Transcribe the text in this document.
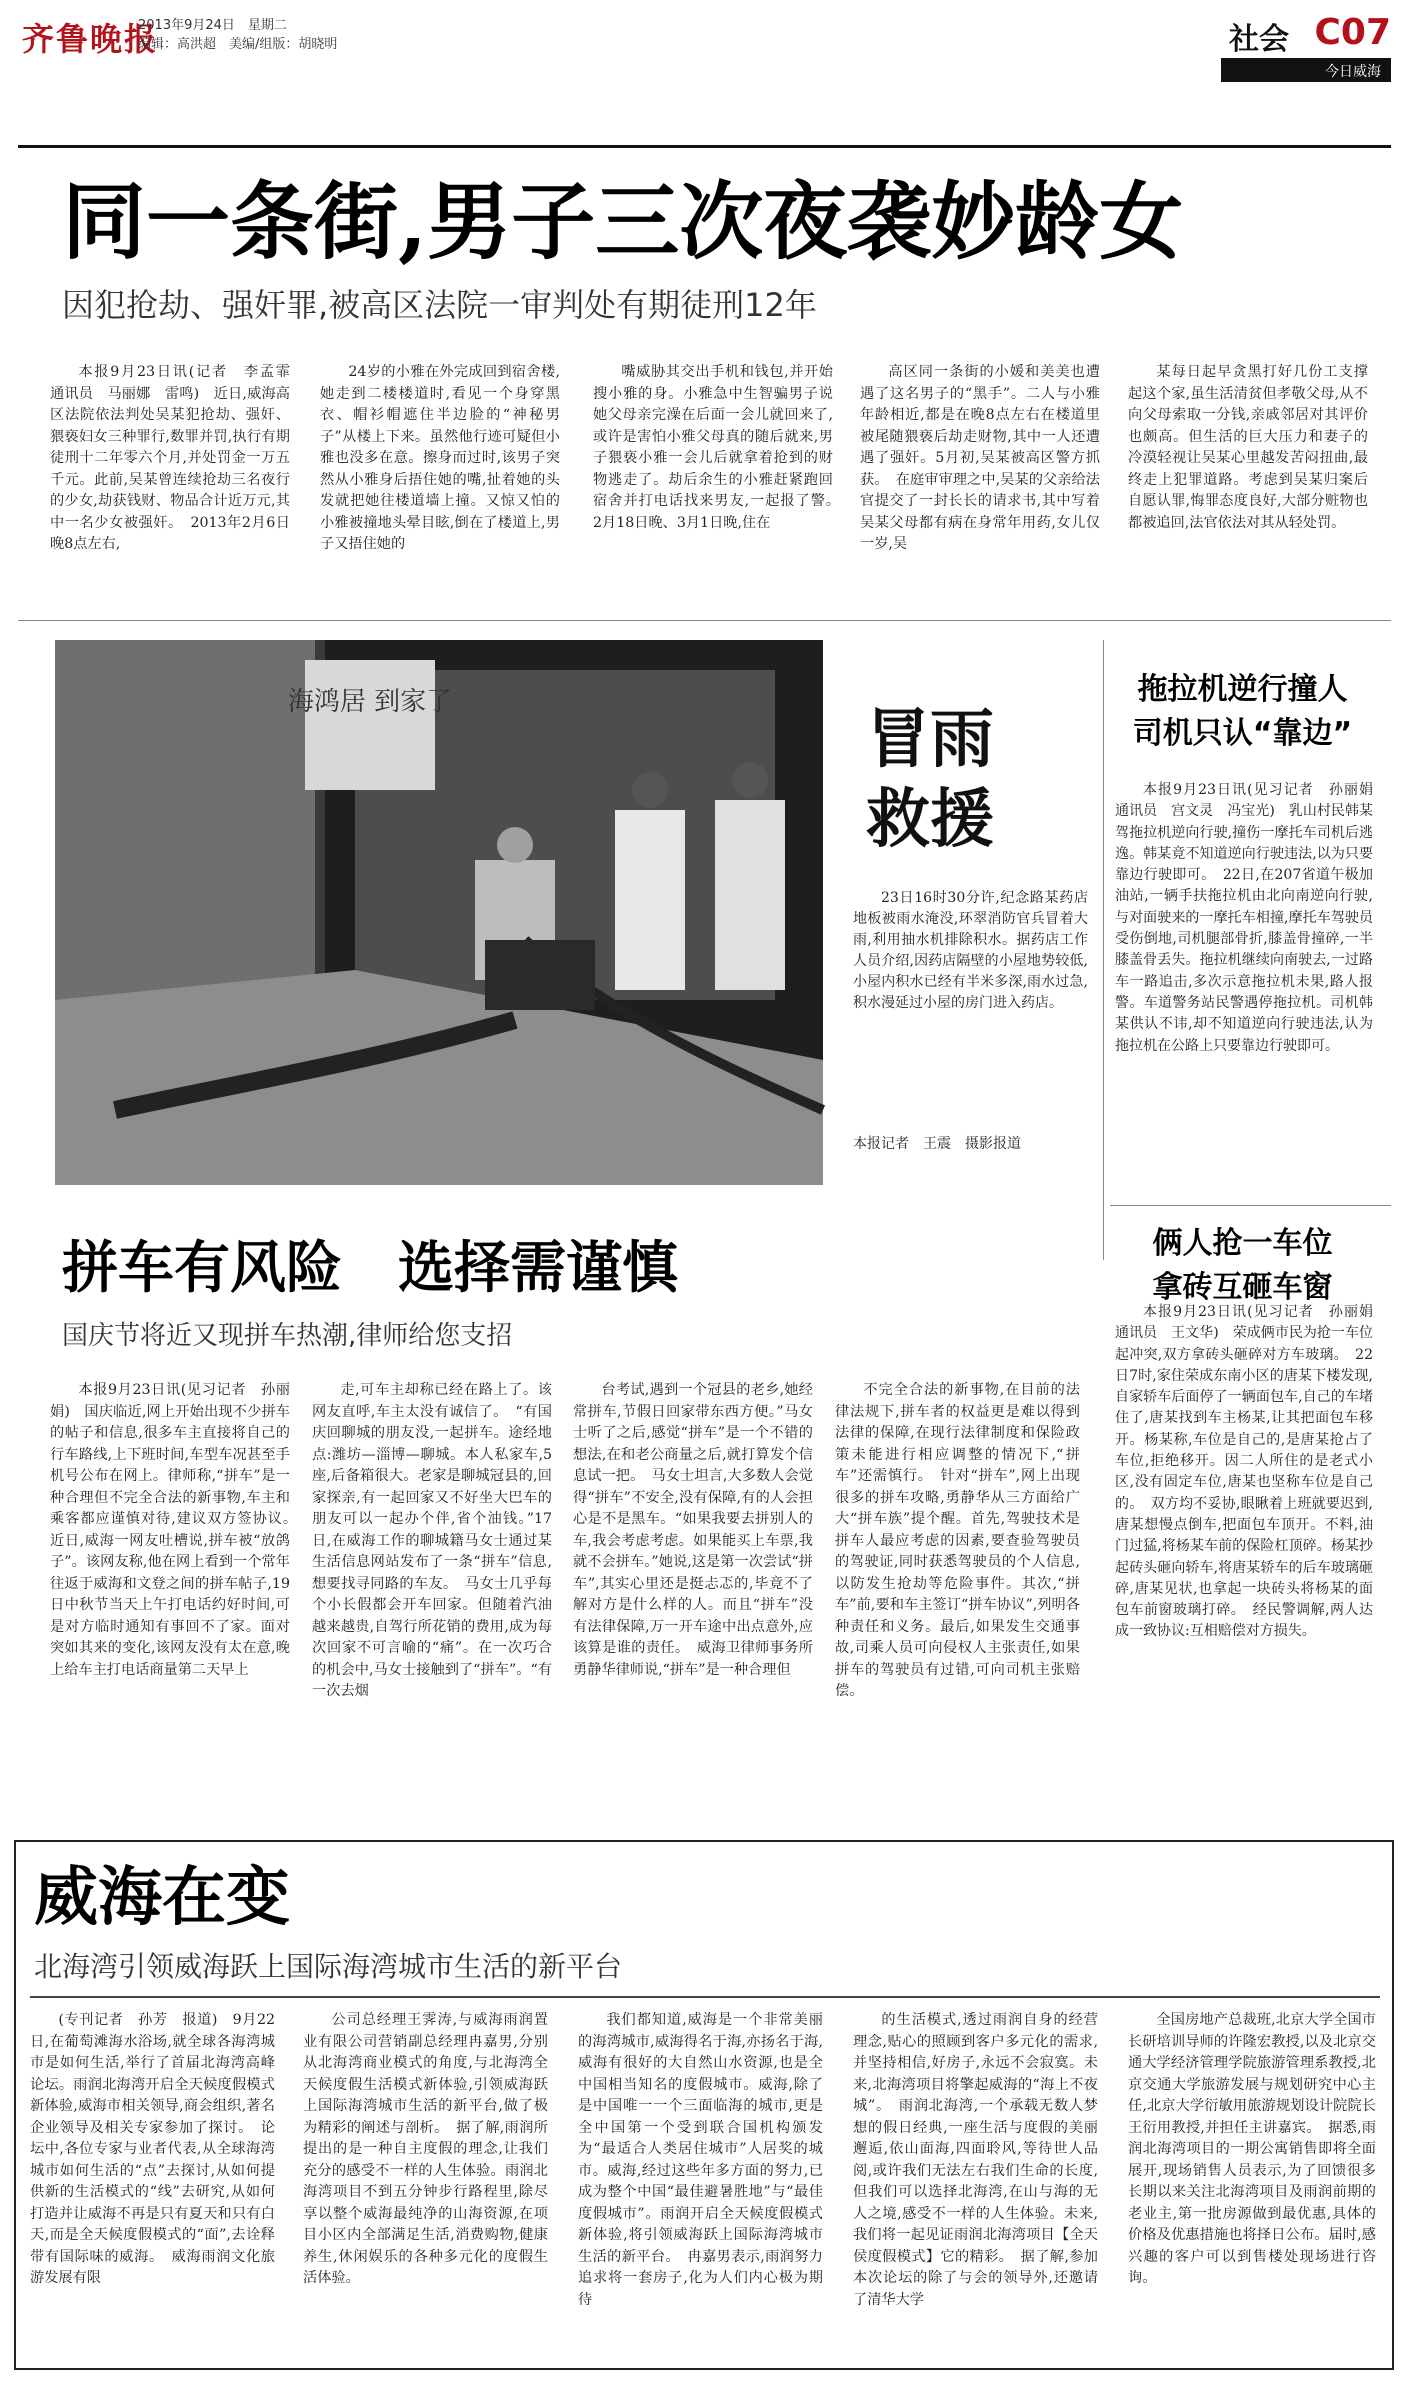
齐鲁晚报
2013年9月24日　星期二
编辑：高洪超　美编/组版：胡晓明	社会 C07
今日威海
同一条街,男子三次夜袭妙龄女
因犯抢劫、强奸罪,被高区法院一审判处有期徒刑12年

本报9月23日讯(记者　李孟霏　通讯员　马丽娜　雷鸣)　近日,威海高区法院依法判处吴某犯抢劫、强奸、猥亵妇女三种罪行,数罪并罚,执行有期徒刑十二年零六个月,并处罚金一万五千元。此前,吴某曾连续抢劫三名夜行的少女,劫获钱财、物品合计近万元,其中一名少女被强奸。　2013年2月6日晚8点左右,

24岁的小雅在外完成回到宿舍楼,她走到二楼楼道时,看见一个身穿黑衣、帽衫帽遮住半边脸的“神秘男子”从楼上下来。虽然他行迹可疑但小雅也没多在意。擦身而过时,该男子突然从小雅身后捂住她的嘴,扯着她的头发就把她往楼道墙上撞。又惊又怕的小雅被撞地头晕目眩,倒在了楼道上,男子又捂住她的

嘴威胁其交出手机和钱包,并开始搜小雅的身。小雅急中生智骗男子说她父母亲完澡在后面一会儿就回来了,或许是害怕小雅父母真的随后就来,男子猥亵小雅一会儿后就拿着抢到的财物逃走了。劫后余生的小雅赶紧跑回宿舍并打电话找来男友,一起报了警。　2月18日晚、3月1日晚,住在

高区同一条街的小媛和美美也遭遇了这名男子的“黑手”。二人与小雅年龄相近,都是在晚8点左右在楼道里被尾随猥亵后劫走财物,其中一人还遭遇了强奸。5月初,吴某被高区警方抓获。　在庭审审理之中,吴某的父亲给法官提交了一封长长的请求书,其中写着吴某父母都有病在身常年用药,女儿仅一岁,吴

某每日起早贪黑打好几份工支撑起这个家,虽生活清贫但孝敬父母,从不向父母索取一分钱,亲戚邻居对其评价也颇高。但生活的巨大压力和妻子的冷漠轻视让吴某心里越发苦闷扭曲,最终走上犯罪道路。考虑到吴某归案后自愿认罪,悔罪态度良好,大部分赃物也都被追回,法官依法对其从轻处罚。

海鸿居 到家了	冒雨救援

23日16时30分许,纪念路某药店地板被雨水淹没,环翠消防官兵冒着大雨,利用抽水机排除积水。据药店工作人员介绍,因药店隔壁的小屋地势较低,小屋内积水已经有半米多深,雨水过急,积水漫延过小屋的房门进入药店。

本报记者　王震　摄影报道
拖拉机逆行撞人
司机只认“靠边”

本报9月23日讯(见习记者　孙丽娟　通讯员　宫文灵　冯宝光)　乳山村民韩某驾拖拉机逆向行驶,撞伤一摩托车司机后逃逸。韩某竟不知道逆向行驶违法,以为只要靠边行驶即可。　22日,在207省道午极加油站,一辆手扶拖拉机由北向南逆向行驶,与对面驶来的一摩托车相撞,摩托车驾驶员受伤倒地,司机腿部骨折,膝盖骨撞碎,一半膝盖骨丢失。拖拉机继续向南驶去,一过路车一路追击,多次示意拖拉机未果,路人报警。车道警务站民警遇停拖拉机。司机韩某供认不讳,却不知道逆向行驶违法,认为拖拉机在公路上只要靠边行驶即可。

俩人抢一车位
拿砖互砸车窗

本报9月23日讯(见习记者　孙丽娟　通讯员　王文华)　荣成俩市民为抢一车位起冲突,双方拿砖头砸碎对方车玻璃。　22日7时,家住荣成东南小区的唐某下楼发现,自家轿车后面停了一辆面包车,自己的车堵住了,唐某找到车主杨某,让其把面包车移开。杨某称,车位是自己的,是唐某抢占了车位,拒绝移开。因二人所住的是老式小区,没有固定车位,唐某也坚称车位是自己的。　双方均不妥协,眼瞅着上班就要迟到,唐某想慢点倒车,把面包车顶开。不料,油门过猛,将杨某车前的保险杠顶碎。杨某抄起砖头砸向轿车,将唐某轿车的后车玻璃砸碎,唐某见状,也拿起一块砖头将杨某的面包车前窗玻璃打碎。　经民警调解,两人达成一致协议:互相赔偿对方损失。

拼车有风险　选择需谨慎
国庆节将近又现拼车热潮,律师给您支招

本报9月23日讯(见习记者　孙丽娟)　国庆临近,网上开始出现不少拼车的帖子和信息,很多车主直接将自己的行车路线,上下班时间,车型车况甚至手机号公布在网上。律师称,“拼车”是一种合理但不完全合法的新事物,车主和乘客都应谨慎对待,建议双方签协议。　近日,威海一网友吐槽说,拼车被“放鸽子”。该网友称,他在网上看到一个常年往返于威海和文登之间的拼车帖子,19日中秋节当天上午打电话约好时间,可是对方临时通知有事回不了家。面对突如其来的变化,该网友没有太在意,晚上给车主打电话商量第二天早上

走,可车主却称已经在路上了。该网友直呼,车主太没有诚信了。　“有国庆回聊城的朋友没,一起拼车。途经地点:潍坊—淄博—聊城。本人私家车,5座,后备箱很大。老家是聊城冠县的,回家探亲,有一起回家又不好坐大巴车的朋友可以一起办个伴,省个油钱。”17日,在威海工作的聊城籍马女士通过某生活信息网站发布了一条“拼车”信息,想要找寻同路的车友。　马女士几乎每个小长假都会开车回家。但随着汽油越来越贵,自驾行所花销的费用,成为每次回家不可言喻的“痛”。在一次巧合的机会中,马女士接触到了“拼车”。“有一次去烟

台考试,遇到一个冠县的老乡,她经常拼车,节假日回家带东西方便。”马女士听了之后,感觉“拼车”是一个不错的想法,在和老公商量之后,就打算发个信息试一把。　马女士坦言,大多数人会觉得“拼车”不安全,没有保障,有的人会担心是不是黑车。“如果我要去拼别人的车,我会考虑考虑。如果能买上车票,我就不会拼车。”她说,这是第一次尝试“拼车”,其实心里还是挺忐忑的,毕竟不了解对方是什么样的人。而且“拼车”没有法律保障,万一开车途中出点意外,应该算是谁的责任。　威海卫律师事务所勇静华律师说,“拼车”是一种合理但

不完全合法的新事物,在目前的法律法规下,拼车者的权益更是难以得到法律的保障,在现行法律制度和保险政策未能进行相应调整的情况下,“拼车”还需慎行。　针对“拼车”,网上出现很多的拼车攻略,勇静华从三方面给广大“拼车族”提个醒。首先,驾驶技术是拼车人最应考虑的因素,要查验驾驶员的驾驶证,同时获悉驾驶员的个人信息,以防发生抢劫等危险事件。其次,“拼车”前,要和车主签订“拼车协议”,列明各种责任和义务。最后,如果发生交通事故,司乘人员可向侵权人主张责任,如果拼车的驾驶员有过错,可向司机主张赔偿。

威海在变
北海湾引领威海跃上国际海湾城市生活的新平台

(专刊记者　孙芳　报道)　9月22日,在葡萄滩海水浴场,就全球各海湾城市是如何生活,举行了首届北海湾高峰论坛。雨润北海湾开启全天候度假模式新体验,威海市相关领导,商会组织,著名企业领导及相关专家参加了探讨。　论坛中,各位专家与业者代表,从全球海湾城市如何生活的“点”去探讨,从如何提供新的生活模式的“线”去研究,从如何打造并让威海不再是只有夏天和只有白天,而是全天候度假模式的“面”,去诠释带有国际味的威海。　威海雨润文化旅游发展有限

公司总经理王霁涛,与威海雨润置业有限公司营销副总经理冉嘉男,分别从北海湾商业模式的角度,与北海湾全天候度假生活模式新体验,引领威海跃上国际海湾城市生活的新平台,做了极为精彩的阐述与剖析。　据了解,雨润所提出的是一种自主度假的理念,让我们充分的感受不一样的人生体验。雨润北海湾项目不到五分钟步行路程里,除尽享以整个威海最纯净的山海资源,在项目小区内全部满足生活,消费购物,健康养生,休闲娱乐的各种多元化的度假生活体验。

我们都知道,威海是一个非常美丽的海湾城市,威海得名于海,亦扬名于海,威海有很好的大自然山水资源,也是全中国相当知名的度假城市。威海,除了是中国唯一一个三面临海的城市,更是全中国第一个受到联合国机构颁发为“最适合人类居住城市”人居奖的城市。威海,经过这些年多方面的努力,已成为整个中国“最佳避暑胜地”与“最佳度假城市”。雨润开启全天候度假模式新体验,将引领威海跃上国际海湾城市生活的新平台。　冉嘉男表示,雨润努力追求将一套房子,化为人们内心极为期待

的生活模式,透过雨润自身的经营理念,贴心的照顾到客户多元化的需求,并坚持相信,好房子,永远不会寂寞。未来,北海湾项目将擎起威海的“海上不夜城”。　雨润北海湾,一个承载无数人梦想的假日经典,一座生活与度假的美丽邂逅,依山面海,四面聆风,等待世人品阅,或许我们无法左右我们生命的长度,但我们可以选择北海湾,在山与海的无人之境,感受不一样的人生体验。未来,我们将一起见证雨润北海湾项目【全天侯度假模式】它的精彩。　据了解,参加本次论坛的除了与会的领导外,还邀请了清华大学

全国房地产总裁班,北京大学全国市长研培训导师的许隆宏教授,以及北京交通大学经济管理学院旅游管理系教授,北京交通大学旅游发展与规划研究中心主任,北京大学衍敏用旅游规划设计院院长王衍用教授,并担任主讲嘉宾。　据悉,雨润北海湾项目的一期公寓销售即将全面展开,现场销售人员表示,为了回馈很多长期以来关注北海湾项目及雨润前期的老业主,第一批房源做到最优惠,具体的价格及优惠措施也将择日公布。届时,感兴趣的客户可以到售楼处现场进行咨询。
